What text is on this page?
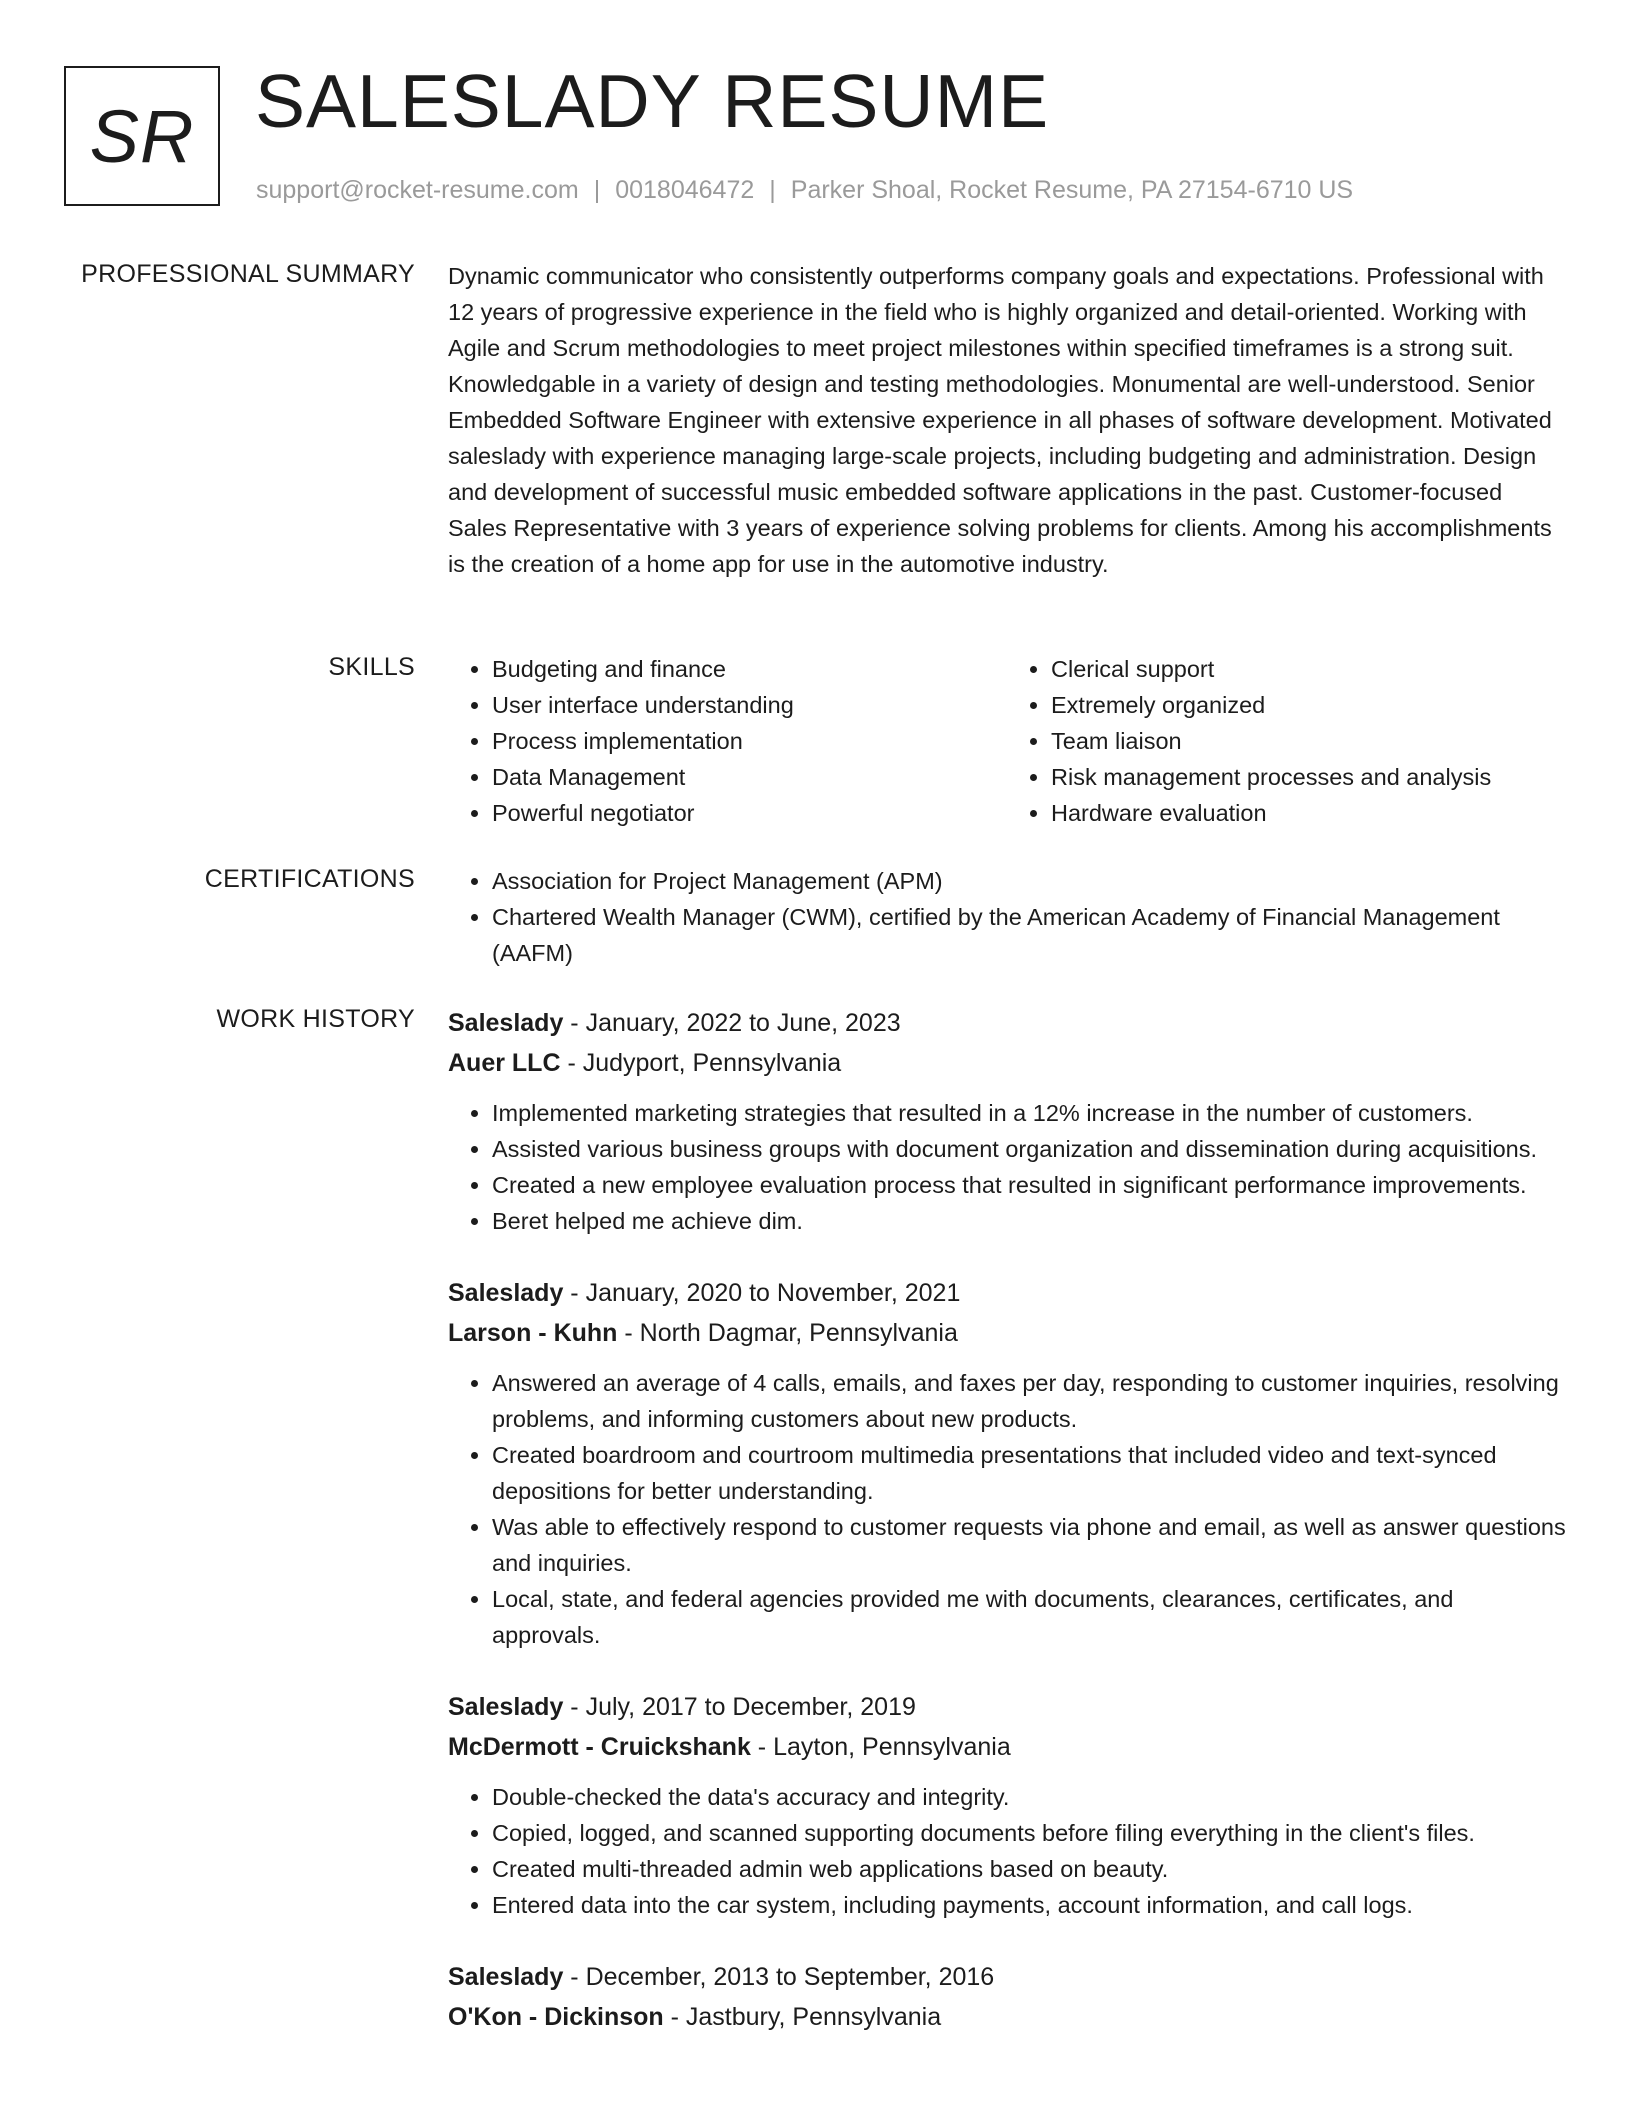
SR SALESLADY RESUME
support@rocket-resume.com | 0018046472 | Parker Shoal, Rocket Resume, PA 27154-6710 US
PROFESSIONAL SUMMARY Dynamic communicator who consistently outperforms company goals and expectations. Professional with 12 years of progressive experience in the field who is highly organized and detail-oriented. Working with Agile and Scrum methodologies to meet project milestones within specified timeframes is a strong suit. Knowledgable in a variety of design and testing methodologies. Monumental are well-understood. Senior Embedded Software Engineer with extensive experience in all phases of software development. Motivated saleslady with experience managing large-scale projects, including budgeting and administration. Design and development of successful music embedded software applications in the past. Customer-focused Sales Representative with 3 years of experience solving problems for clients. Among his accomplishments is the creation of a home app for use in the automotive industry.

SKILLS	• Budgeting and finance
• User interface understanding
• Process implementation
• Data Management
• Powerful negotiator
• Clerical support
• Extremely organized
• Team liaison
• Risk management processes and analysis
• Hardware evaluation
CERTIFICATIONS	• Association for Project Management (APM)
• Chartered Wealth Manager (CWM), certified by the American Academy of Financial Management (AAFM)
WORK HISTORY Saleslady - January, 2022 to June, 2023
Auer LLC - Judyport, Pennsylvania
• Implemented marketing strategies that resulted in a 12% increase in the number of customers.
• Assisted various business groups with document organization and dissemination during acquisitions.
• Created a new employee evaluation process that resulted in significant performance improvements.
• Beret helped me achieve dim.
Saleslady - January, 2020 to November, 2021
Larson - Kuhn - North Dagmar, Pennsylvania
• Answered an average of 4 calls, emails, and faxes per day, responding to customer inquiries, resolving problems, and informing customers about new products.
• Created boardroom and courtroom multimedia presentations that included video and text-synced depositions for better understanding.
• Was able to effectively respond to customer requests via phone and email, as well as answer questions and inquiries.
• Local, state, and federal agencies provided me with documents, clearances, certificates, and approvals.
Saleslady - July, 2017 to December, 2019
McDermott - Cruickshank - Layton, Pennsylvania
• Double-checked the data's accuracy and integrity.
• Copied, logged, and scanned supporting documents before filing everything in the client's files.
• Created multi-threaded admin web applications based on beauty.
• Entered data into the car system, including payments, account information, and call logs.
Saleslady - December, 2013 to September, 2016
O'Kon - Dickinson - Jastbury, Pennsylvania
